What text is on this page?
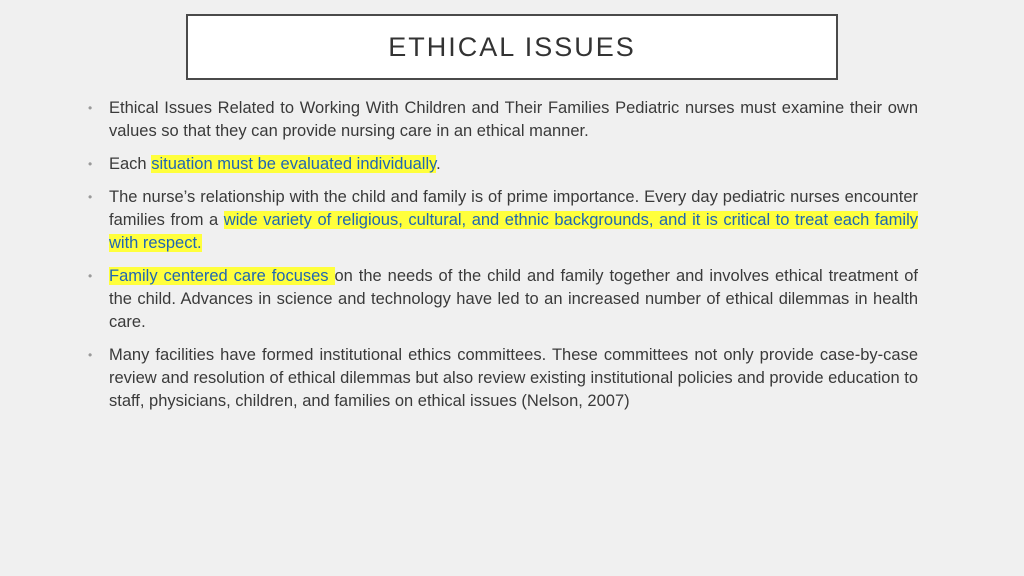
ETHICAL ISSUES
•	Ethical Issues Related to Working With Children and Their Families Pediatric nurses must examine their own values so that they can provide nursing care in an ethical manner.
•	Each situation must be evaluated individually.
•	The nurse’s relationship with the child and family is of prime importance. Every day pediatric nurses encounter families from a wide variety of religious, cultural, and ethnic backgrounds, and it is critical to treat each family with respect.
•	Family centered care focuses on the needs of the child and family together and involves ethical treatment of the child. Advances in science and technology have led to an increased number of ethical dilemmas in health care.
•	Many facilities have formed institutional ethics committees. These committees not only provide case-by-case review and resolution of ethical dilemmas but also review existing institutional policies and provide education to staff, physicians, children, and families on ethical issues (Nelson, 2007)
